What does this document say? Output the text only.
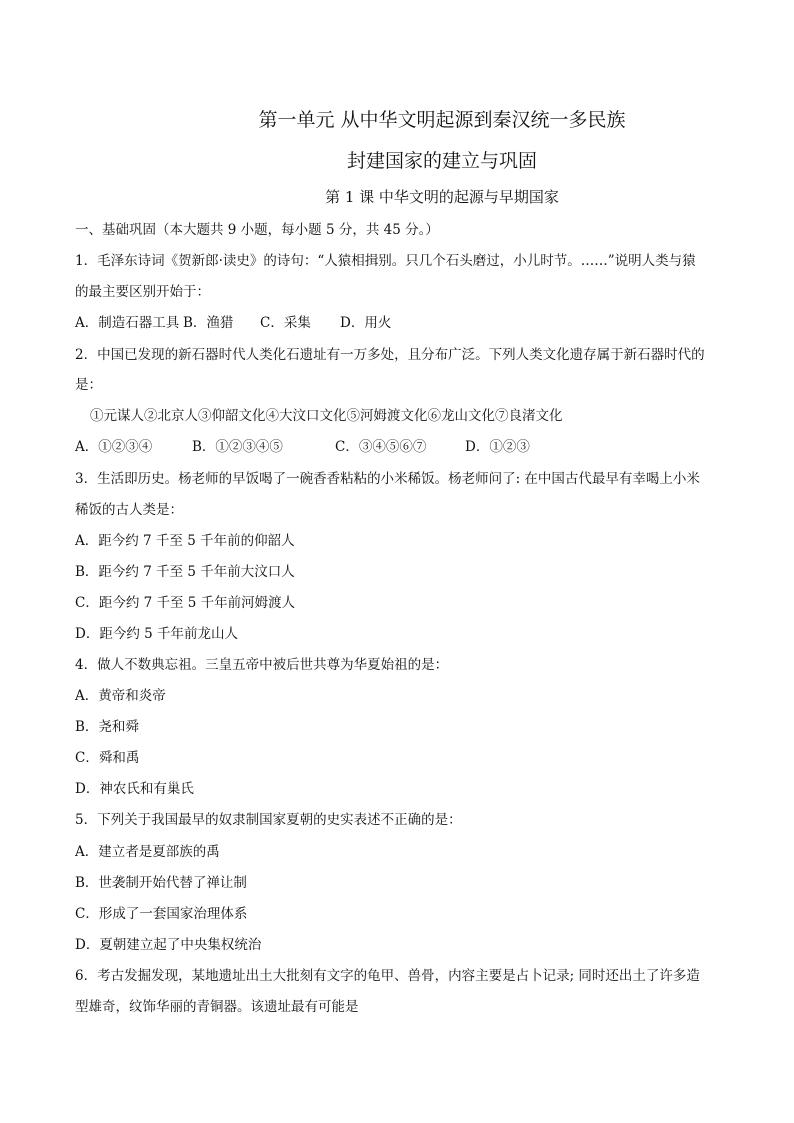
第一单元 从中华文明起源到秦汉统一多民族
封建国家的建立与巩固
第 1 课 中华文明的起源与早期国家
一、基础巩固（本大题共 9 小题，每小题 5 分，共 45 分。）
1．毛泽东诗词《贺新郎·读史》的诗句：“人猿相揖别。只几个石头磨过，小儿时节。……”说明人类与猿
的最主要区别开始于：
A．制造石器工具 B．渔猎	C．采集	D．用火
2．中国已发现的新石器时代人类化石遗址有一万多处，且分布广泛。下列人类文化遗存属于新石器时代的
是：
①元谋人②北京人③仰韶文化④大汶口文化⑤河姆渡文化⑥龙山文化⑦良渚文化
A．①②③④	B．①②③④⑤	C．③④⑤⑥⑦	D．①②③
3．生活即历史。杨老师的早饭喝了一碗香香粘粘的小米稀饭。杨老师问了: 在中国古代最早有幸喝上小米
稀饭的古人类是：
A．距今约 7 千至 5 千年前的仰韶人
B．距今约 7 千至 5 千年前大汶口人
C．距今约 7 千至 5 千年前河姆渡人
D．距今约 5 千年前龙山人
4．做人不数典忘祖。三皇五帝中被后世共尊为华夏始祖的是：
A．黄帝和炎帝
B．尧和舜
C．舜和禹
D．神农氏和有巢氏
5．下列关于我国最早的奴隶制国家夏朝的史实表述不正确的是：
A．建立者是夏部族的禹
B．世袭制开始代替了禅让制
C．形成了一套国家治理体系
D．夏朝建立起了中央集权统治
6．考古发掘发现，某地遗址出土大批刻有文字的龟甲、兽骨，内容主要是占卜记录; 同时还出土了许多造
型雄奇，纹饰华丽的青铜器。该遗址最有可能是
